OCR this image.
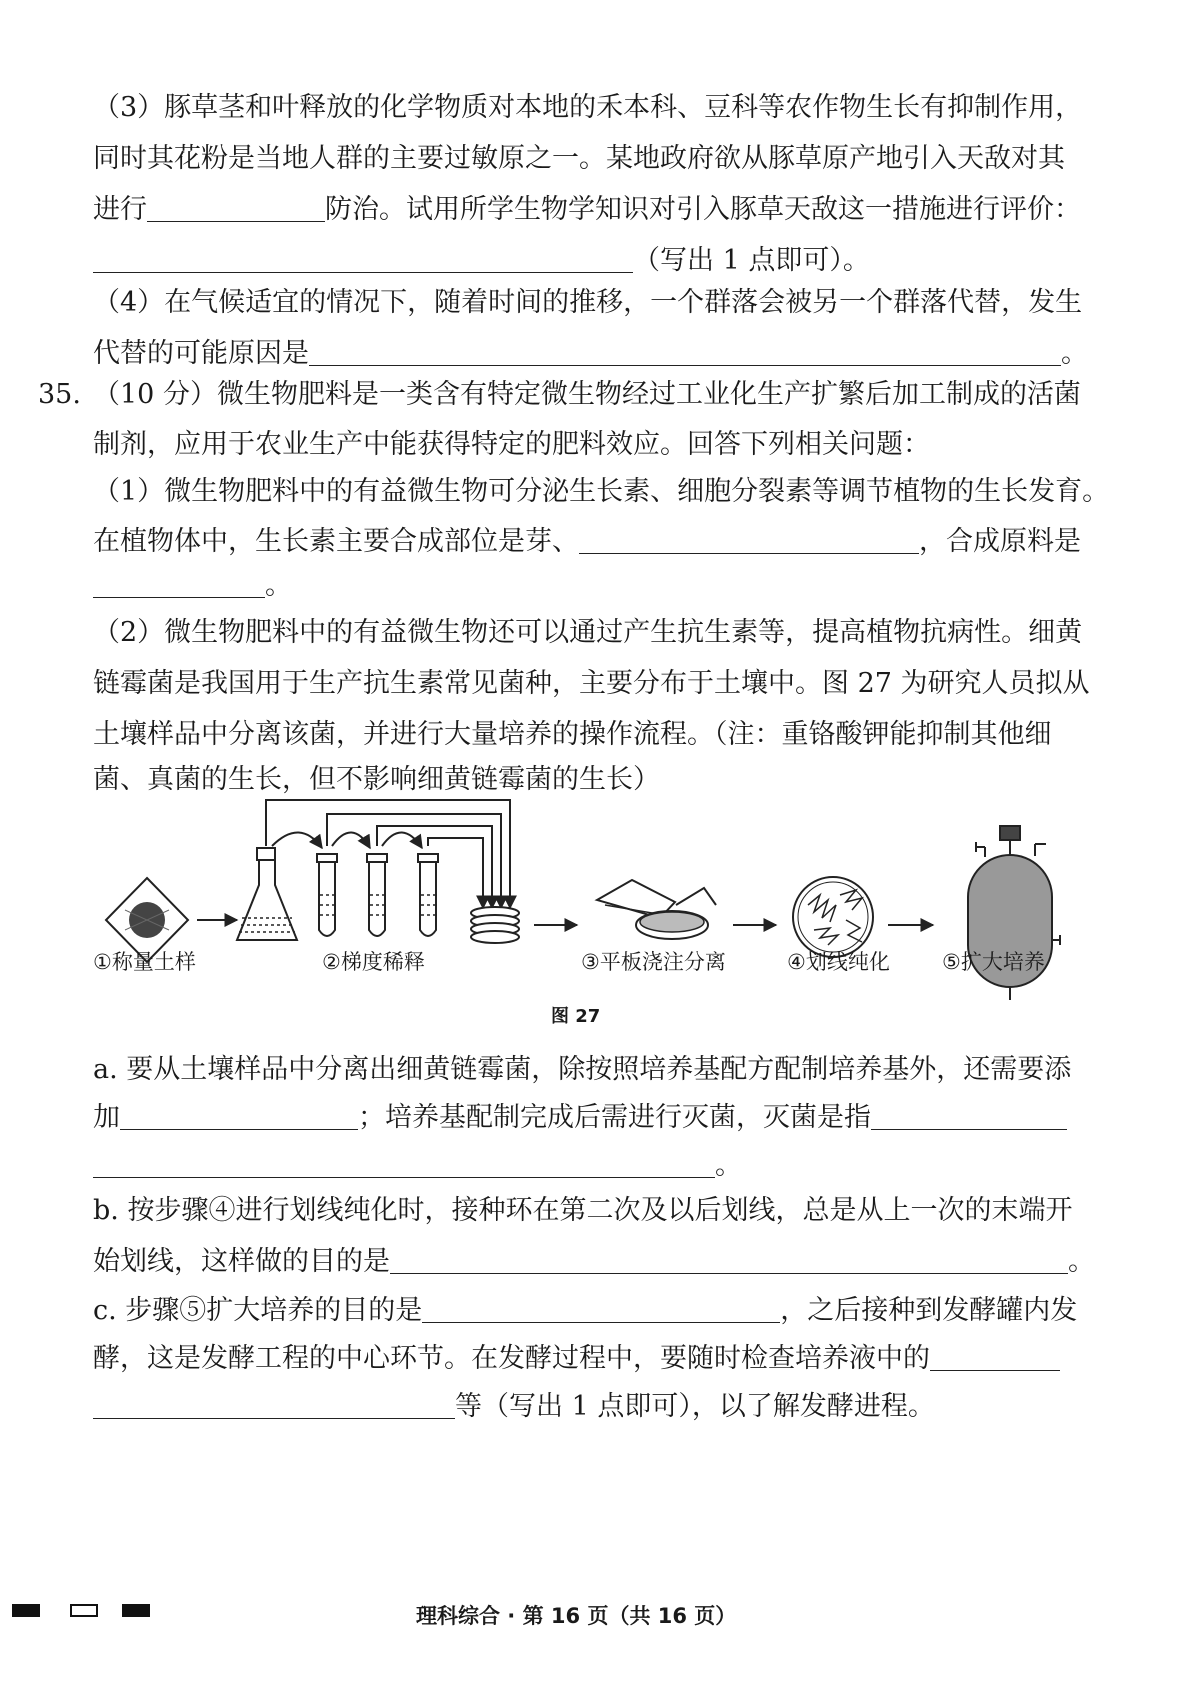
（3）豚草茎和叶释放的化学物质对本地的禾本科、豆科等农作物生长有抑制作用，
同时其花粉是当地人群的主要过敏原之一。某地政府欲从豚草原产地引入天敌对其
进行	防治。试用所学生物学知识对引入豚草天敌这一措施进行评价：
（写出 1 点即可）。
（4）在气候适宜的情况下，随着时间的推移，一个群落会被另一个群落代替，发生
代替的可能原因是	。
35. （10 分）微生物肥料是一类含有特定微生物经过工业化生产扩繁后加工制成的活菌
制剂，应用于农业生产中能获得特定的肥料效应。回答下列相关问题：
（1）微生物肥料中的有益微生物可分泌生长素、细胞分裂素等调节植物的生长发育。
在植物体中，生长素主要合成部位是芽、	，合成原料是
。
（2）微生物肥料中的有益微生物还可以通过产生抗生素等，提高植物抗病性。细黄
链霉菌是我国用于生产抗生素常见菌种，主要分布于土壤中。图 27 为研究人员拟从
土壤样品中分离该菌，并进行大量培养的操作流程。（注：重铬酸钾能抑制其他细
菌、真菌的生长，但不影响细黄链霉菌的生长）
①称量土样	②梯度稀释	③平板浇注分离	④划线纯化 ⑤扩大培养
图 27
a. 要从土壤样品中分离出细黄链霉菌，除按照培养基配方配制培养基外，还需要添
加	；培养基配制完成后需进行灭菌，灭菌是指
。
b. 按步骤④进行划线纯化时，接种环在第二次及以后划线，总是从上一次的末端开
始划线，这样做的目的是	。
c. 步骤⑤扩大培养的目的是	，之后接种到发酵罐内发
酵，这是发酵工程的中心环节。在发酵过程中，要随时检查培养液中的
等（写出 1 点即可），以了解发酵进程。
理科综合 · 第 16 页（共 16 页）
